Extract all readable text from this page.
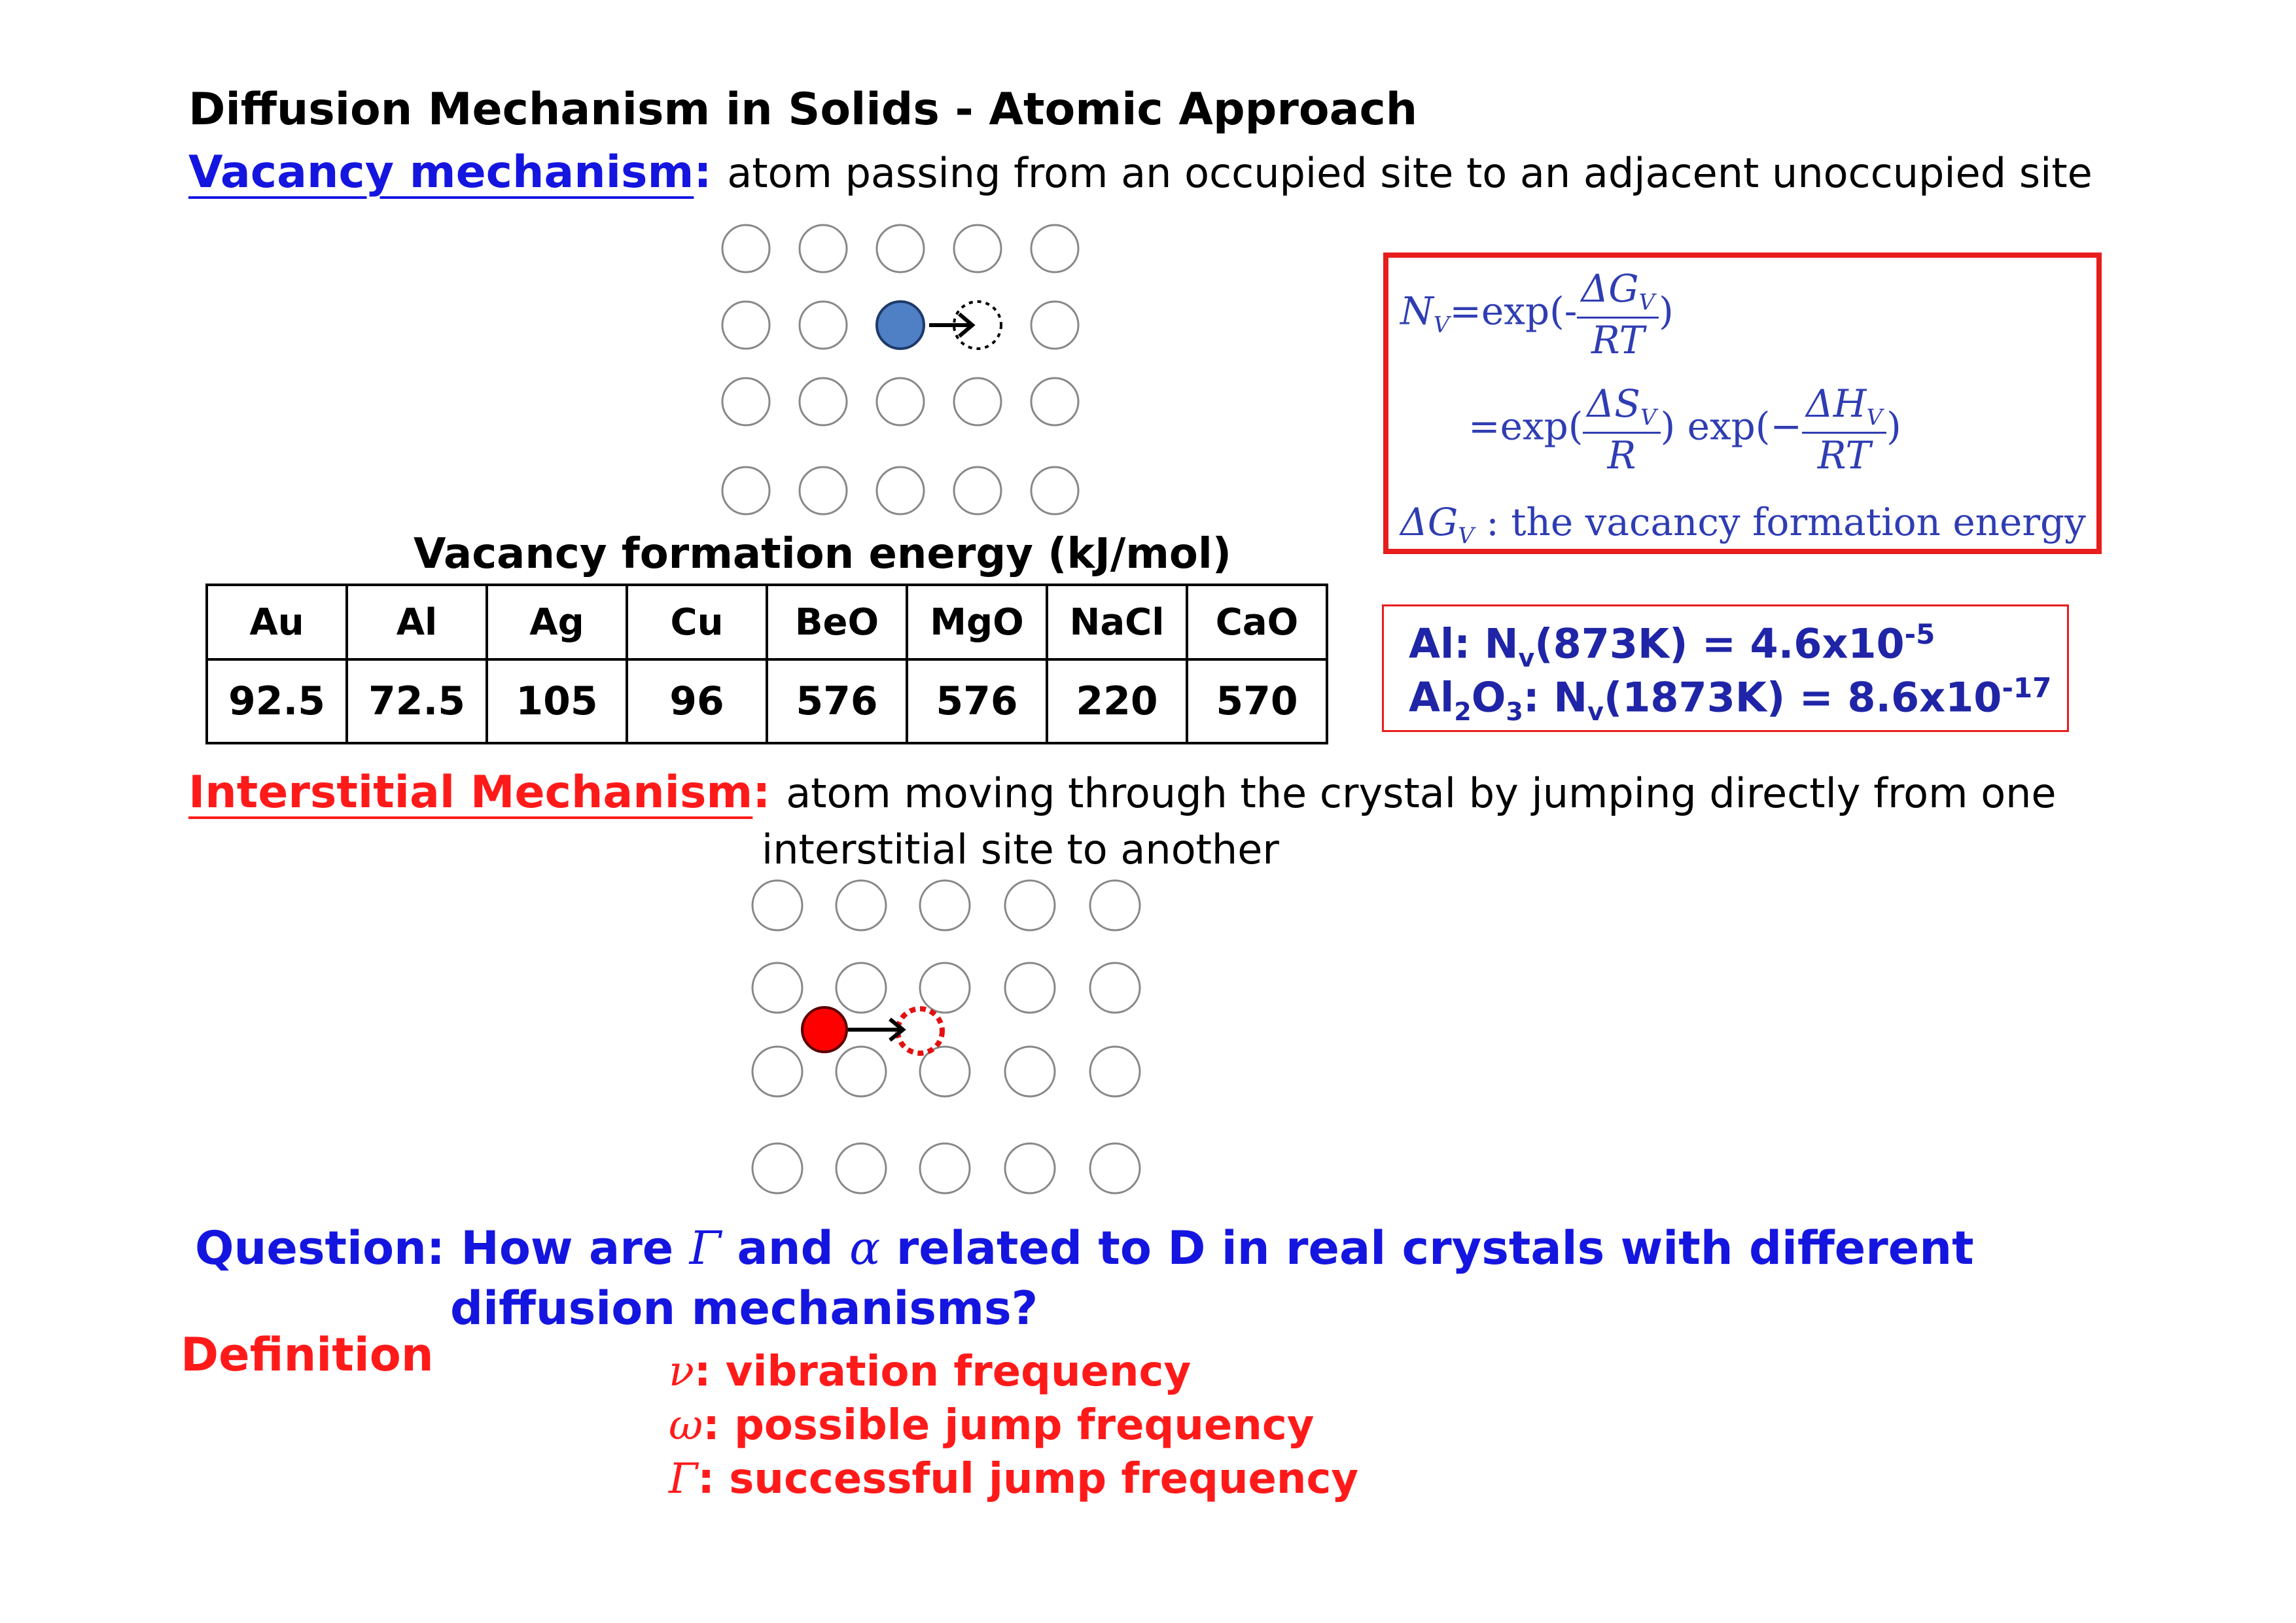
Diffusion Mechanism in Solids - Atomic Approach
Vacancy mechanism: atom passing from an occupied site to an adjacent unoccupied site
$N_V=\exp(- \frac{\Delta G_V}{RT}$ )
$=\exp( \frac{\Delta S_V}{R}$ ) $\exp(- \frac{\Delta H_V}{RT}$ )
$\Delta G_V$ : the vacancy formation energy
Vacancy formation energy (kJ/mol)
Au	Al	Ag	Cu	BeO	MgO	NaCl	CaO
92.5	72.5	105	96	576	576	220	570
Al: $N_v(873K) = 4.6x10^{-5}$
$Al_2O_3$: $N_v(1873K) = 8.6x10^{-17}$
Interstitial Mechanism: atom moving through the crystal by jumping directly from one
interstitial site to another
Question: How are Γ and α related to D in real crystals with different
diffusion mechanisms?
Definition	ν: vibration frequency
ω: possible jump frequency
Γ: successful jump frequency
